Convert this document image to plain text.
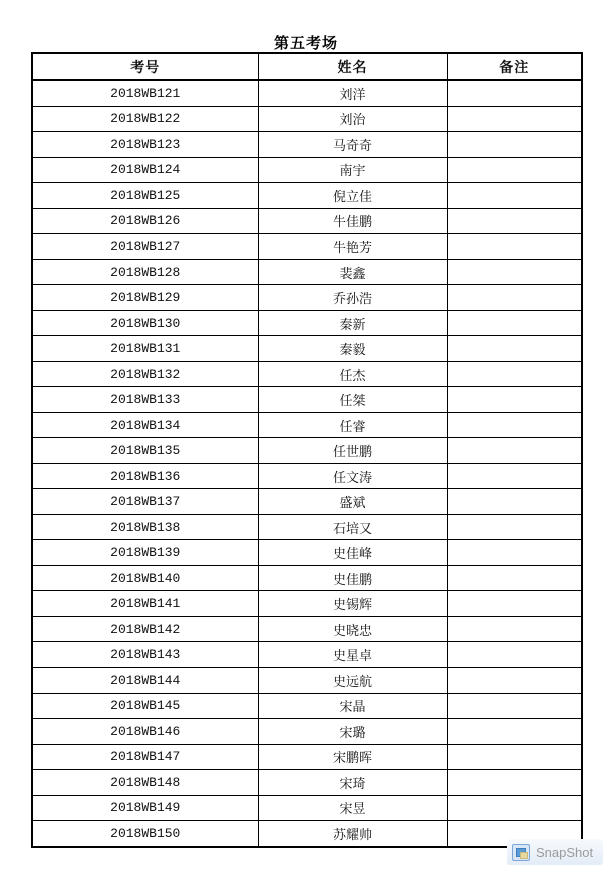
第五考场
考号	姓名	备注
2018WB121	刘洋	
2018WB122	刘治	
2018WB123	马奇奇	
2018WB124	南宇	
2018WB125	倪立佳	
2018WB126	牛佳鹏	
2018WB127	牛艳芳	
2018WB128	裴鑫	
2018WB129	乔孙浩	
2018WB130	秦新	
2018WB131	秦毅	
2018WB132	任杰	
2018WB133	任桀	
2018WB134	任睿	
2018WB135	任世鹏	
2018WB136	任文涛	
2018WB137	盛斌	
2018WB138	石培又	
2018WB139	史佳峰	
2018WB140	史佳鹏	
2018WB141	史锡辉	
2018WB142	史晓忠	
2018WB143	史星卓	
2018WB144	史远航	
2018WB145	宋晶	
2018WB146	宋璐	
2018WB147	宋鹏晖	
2018WB148	宋琦	
2018WB149	宋昱	
2018WB150	苏耀帅	
SnapShot
